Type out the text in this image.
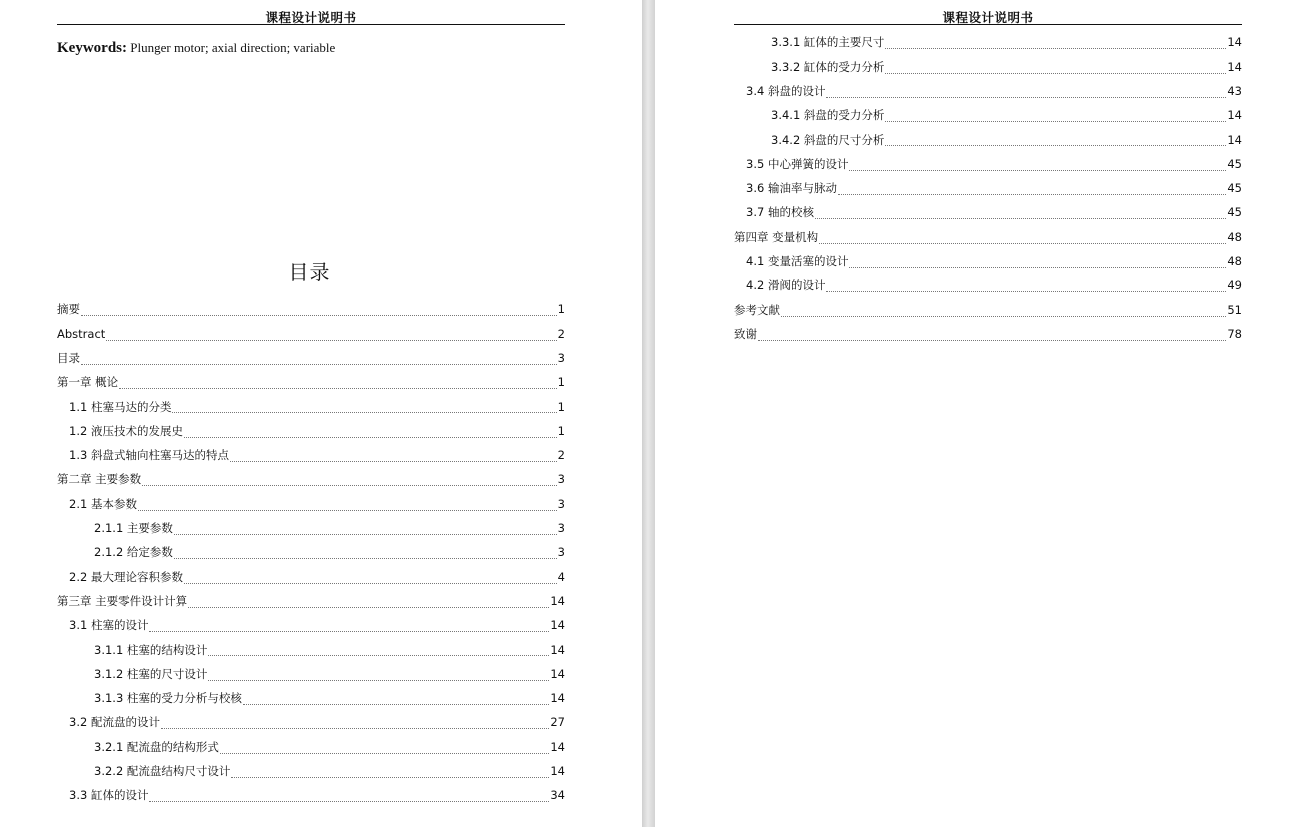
课程设计说明书
Keywords: Plunger motor; axial direction; variable
目录
摘要	1
Abstract	2
目录	3
第一章 概论	1
1.1 柱塞马达的分类	1
1.2 液压技术的发展史	1
1.3 斜盘式轴向柱塞马达的特点	2
第二章 主要参数	3
2.1 基本参数	3
2.1.1 主要参数	3
2.1.2 给定参数	3
2.2 最大理论容积参数	4
第三章 主要零件设计计算	14
3.1 柱塞的设计	14
3.1.1 柱塞的结构设计	14
3.1.2 柱塞的尺寸设计	14
3.1.3 柱塞的受力分析与校核	14
3.2 配流盘的设计	27
3.2.1 配流盘的结构形式	14
3.2.2 配流盘结构尺寸设计	14
3.3 缸体的设计	34
课程设计说明书
3.3.1 缸体的主要尺寸	14
3.3.2 缸体的受力分析	14
3.4 斜盘的设计	43
3.4.1 斜盘的受力分析	14
3.4.2 斜盘的尺寸分析	14
3.5 中心弹簧的设计	45
3.6 输油率与脉动	45
3.7 轴的校核	45
第四章 变量机构	48
4.1 变量活塞的设计	48
4.2 滑阀的设计	49
参考文献	51
致谢	78
